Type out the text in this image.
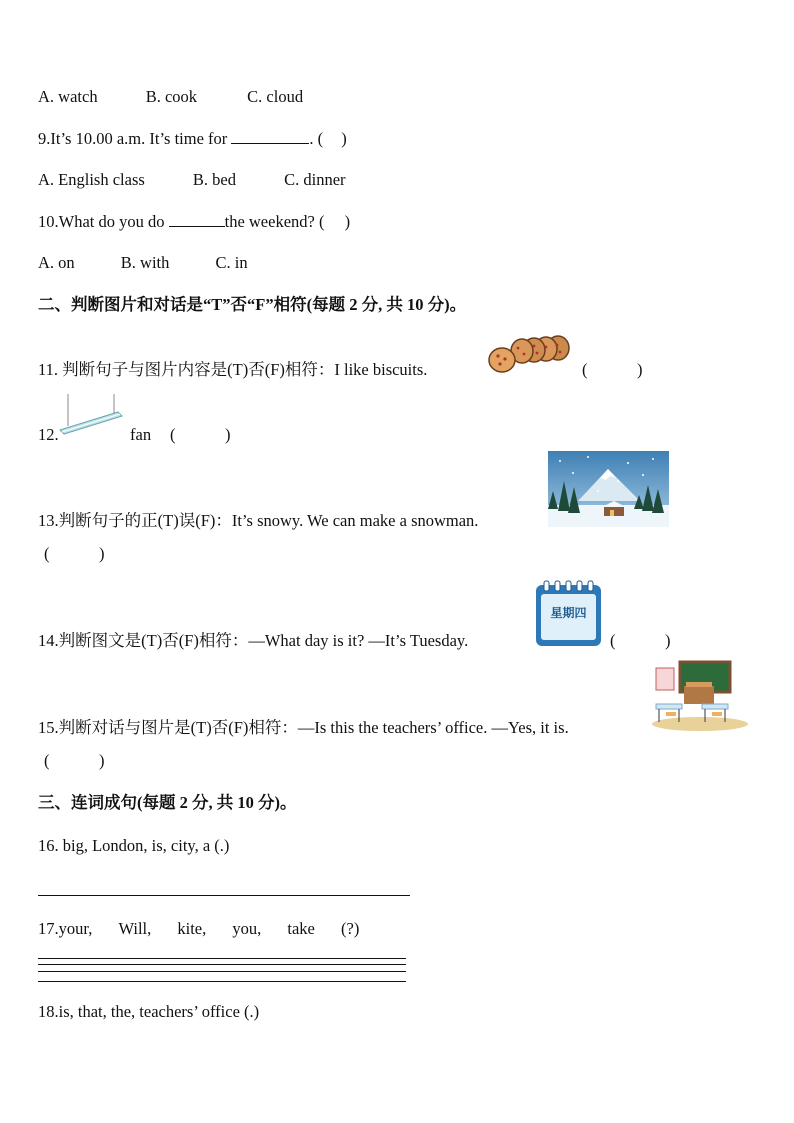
A. watch	B. cook	C. cloud
9.It’s 10.00 a.m. It’s time for	. ( )
A. English class	B. bed	C. dinner
10.What do you do	the weekend? ( )
A. on	B. with	C. in
二、判断图片和对话是“T”否“F”相符(每题 2 分, 共 10 分)。
11. 判断句子与图片内容是(T)否(F)相符：I like biscuits.	(　　　)
12.	fan (　　　)
13.判断句子的正(T)误(F)：It’s snowy. We can make a snowman.
(　　　)
星期四
14.判断图文是(T)否(F)相符：—What day is it? —It’s Tuesday.	(　　　)
15.判断对话与图片是(T)否(F)相符：—Is this the teachers’ office. —Yes, it is.
(　　　)
三、连词成句(每题 2 分, 共 10 分)。
16. big, London, is, city, a (.)
17.your, Will, kite, you, take (?)
18.is, that, the, teachers’ office (.)
